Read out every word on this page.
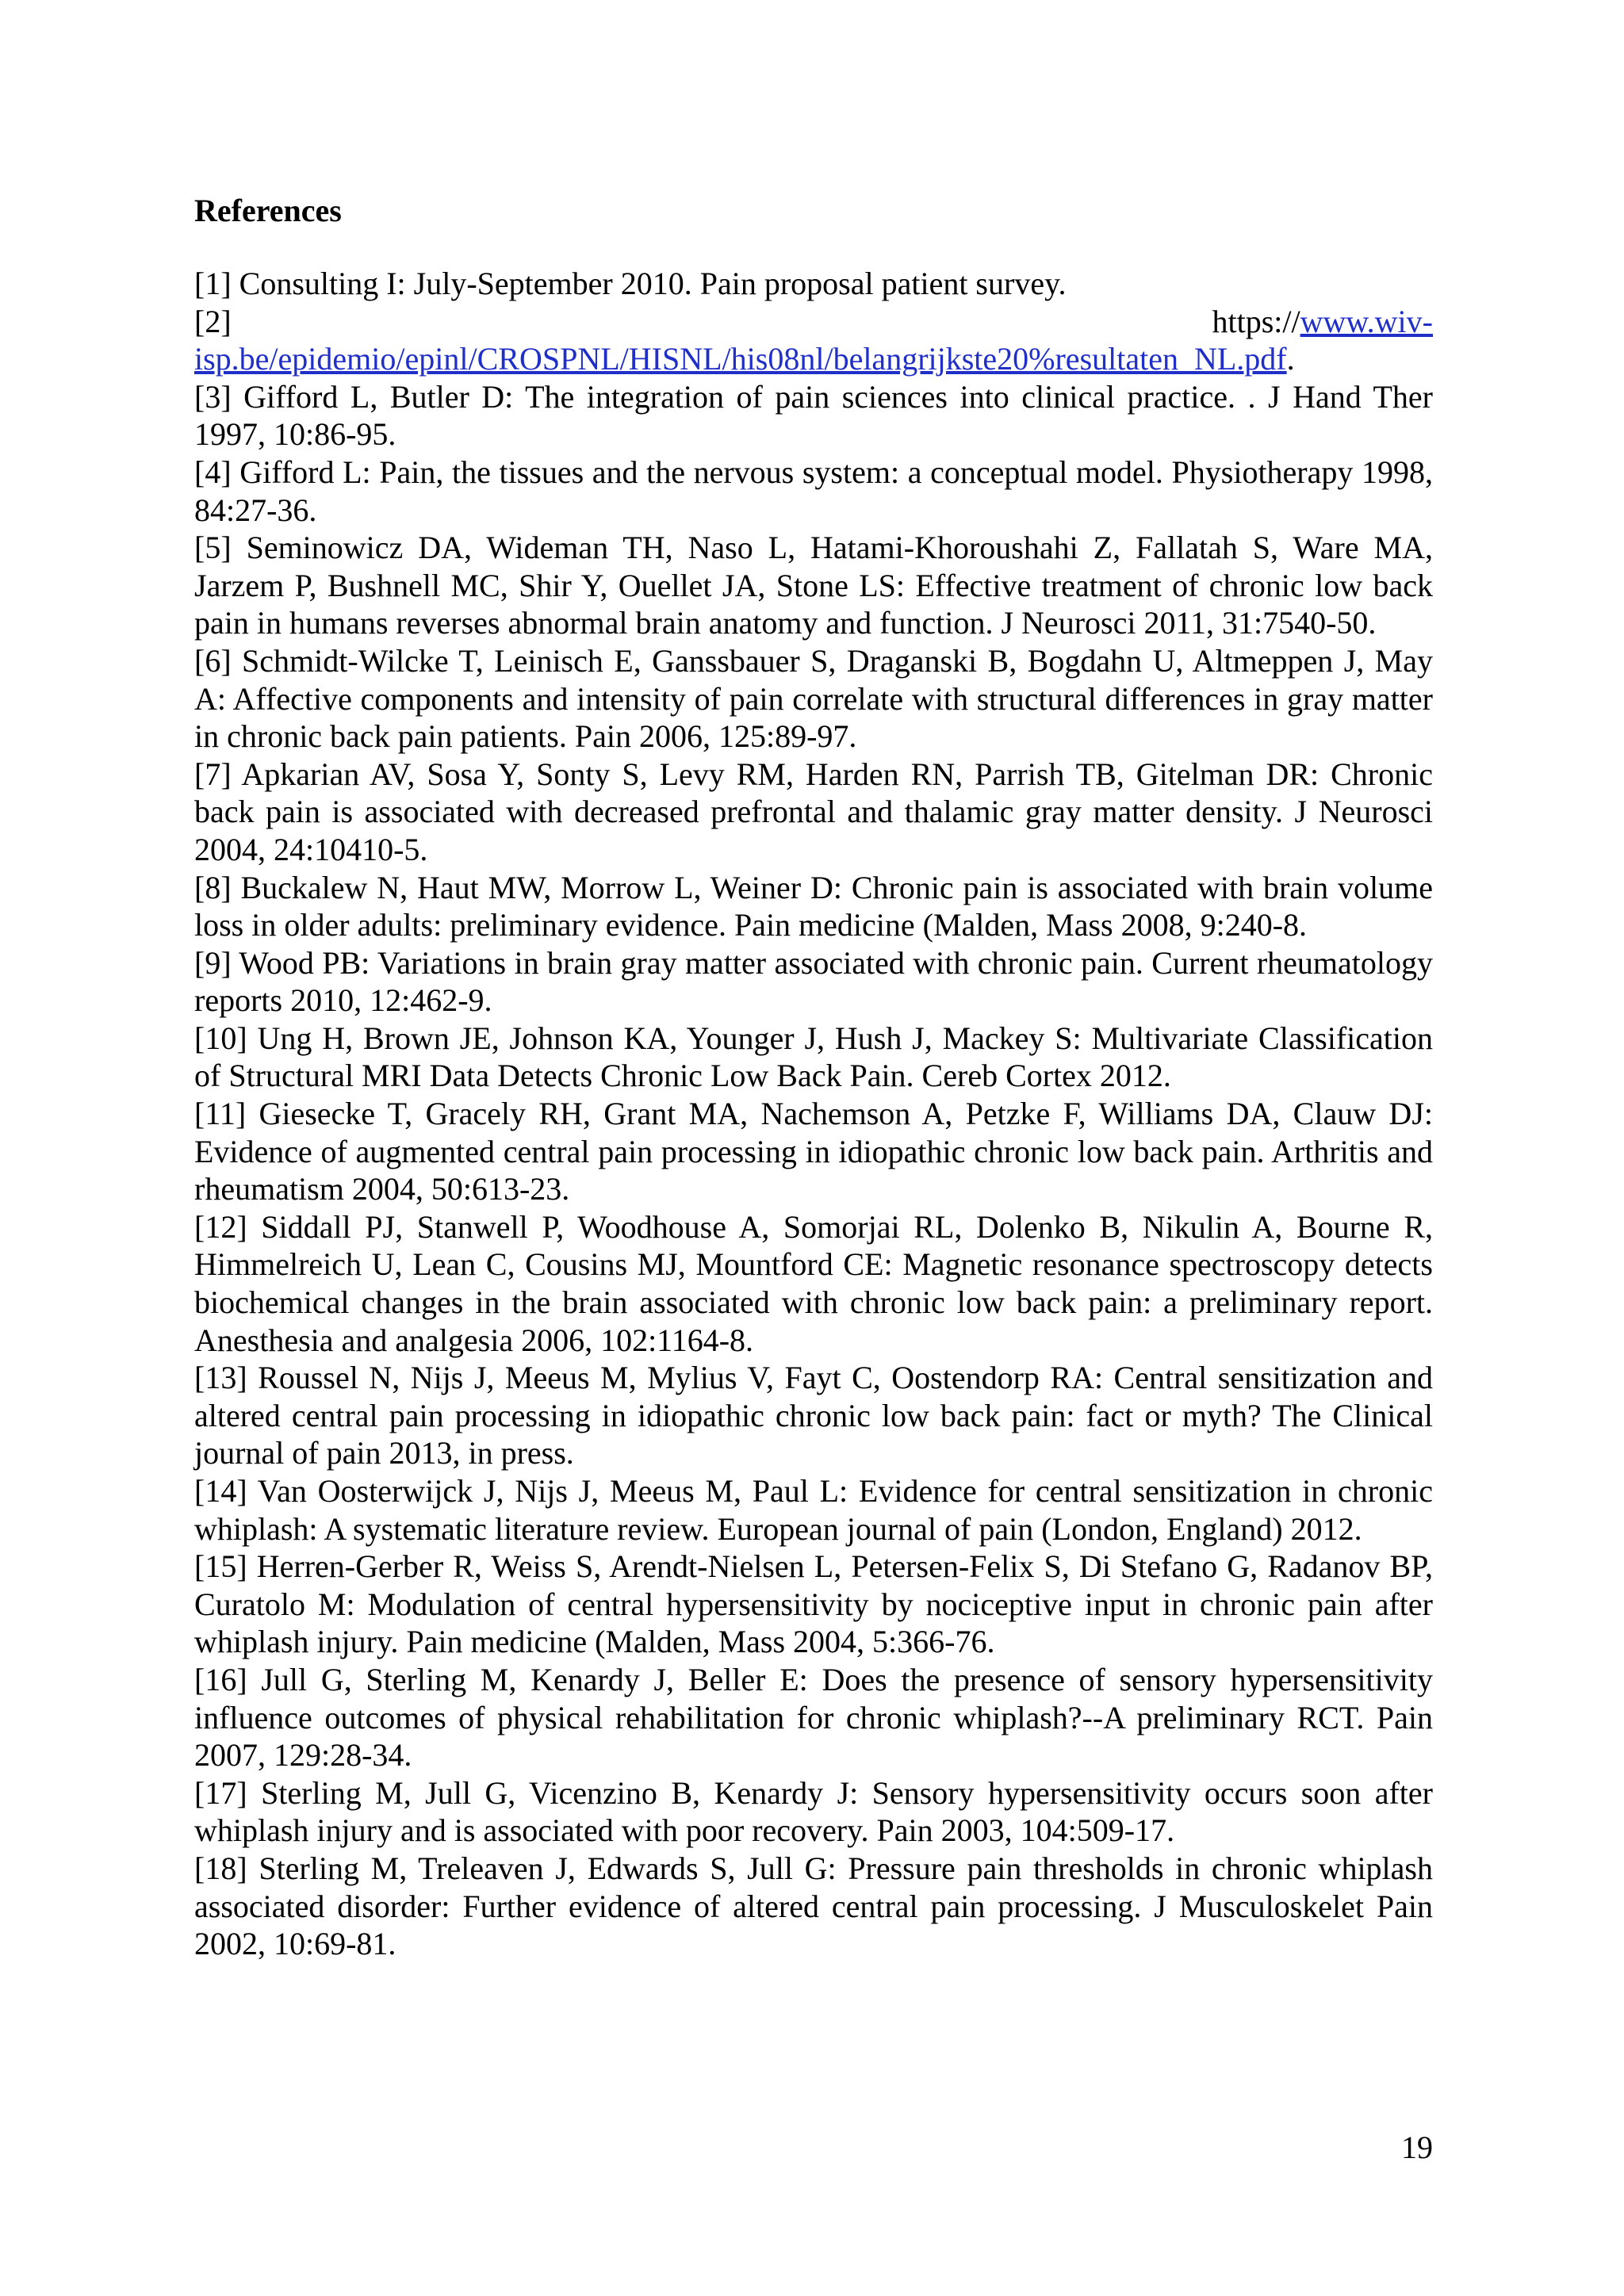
References

[1] Consulting I: July-September 2010. Pain proposal patient survey.

[2]	https://www.wiv-

isp.be/epidemio/epinl/CROSPNL/HISNL/his08nl/belangrijkste20%resultaten_NL.pdf.

[3] Gifford L, Butler D: The integration of pain sciences into clinical practice. . J Hand Ther 1997, 10:86-95.

[4] Gifford L: Pain, the tissues and the nervous system: a conceptual model. Physiotherapy 1998, 84:27-36.

[5] Seminowicz DA, Wideman TH, Naso L, Hatami-Khoroushahi Z, Fallatah S, Ware MA, Jarzem P, Bushnell MC, Shir Y, Ouellet JA, Stone LS: Effective treatment of chronic low back pain in humans reverses abnormal brain anatomy and function. J Neurosci 2011, 31:7540-50.

[6] Schmidt-Wilcke T, Leinisch E, Ganssbauer S, Draganski B, Bogdahn U, Altmeppen J, May A: Affective components and intensity of pain correlate with structural differences in gray matter in chronic back pain patients. Pain 2006, 125:89-97.

[7] Apkarian AV, Sosa Y, Sonty S, Levy RM, Harden RN, Parrish TB, Gitelman DR: Chronic back pain is associated with decreased prefrontal and thalamic gray matter density. J Neurosci 2004, 24:10410-5.

[8] Buckalew N, Haut MW, Morrow L, Weiner D: Chronic pain is associated with brain volume loss in older adults: preliminary evidence. Pain medicine (Malden, Mass 2008, 9:240-8.

[9] Wood PB: Variations in brain gray matter associated with chronic pain. Current rheumatology reports 2010, 12:462-9.

[10] Ung H, Brown JE, Johnson KA, Younger J, Hush J, Mackey S: Multivariate Classification of Structural MRI Data Detects Chronic Low Back Pain. Cereb Cortex 2012.

[11] Giesecke T, Gracely RH, Grant MA, Nachemson A, Petzke F, Williams DA, Clauw DJ: Evidence of augmented central pain processing in idiopathic chronic low back pain. Arthritis and rheumatism 2004, 50:613-23.

[12] Siddall PJ, Stanwell P, Woodhouse A, Somorjai RL, Dolenko B, Nikulin A, Bourne R, Himmelreich U, Lean C, Cousins MJ, Mountford CE: Magnetic resonance spectroscopy detects biochemical changes in the brain associated with chronic low back pain: a preliminary report. Anesthesia and analgesia 2006, 102:1164-8.

[13] Roussel N, Nijs J, Meeus M, Mylius V, Fayt C, Oostendorp RA: Central sensitization and altered central pain processing in idiopathic chronic low back pain: fact or myth? The Clinical journal of pain 2013, in press.

[14] Van Oosterwijck J, Nijs J, Meeus M, Paul L: Evidence for central sensitization in chronic whiplash: A systematic literature review. European journal of pain (London, England) 2012.

[15] Herren-Gerber R, Weiss S, Arendt-Nielsen L, Petersen-Felix S, Di Stefano G, Radanov BP, Curatolo M: Modulation of central hypersensitivity by nociceptive input in chronic pain after whiplash injury. Pain medicine (Malden, Mass 2004, 5:366-76.

[16] Jull G, Sterling M, Kenardy J, Beller E: Does the presence of sensory hypersensitivity influence outcomes of physical rehabilitation for chronic whiplash?--A preliminary RCT. Pain 2007, 129:28-34.

[17] Sterling M, Jull G, Vicenzino B, Kenardy J: Sensory hypersensitivity occurs soon after whiplash injury and is associated with poor recovery. Pain 2003, 104:509-17.

[18] Sterling M, Treleaven J, Edwards S, Jull G: Pressure pain thresholds in chronic whiplash associated disorder: Further evidence of altered central pain processing. J Musculoskelet Pain 2002, 10:69-81.

19
